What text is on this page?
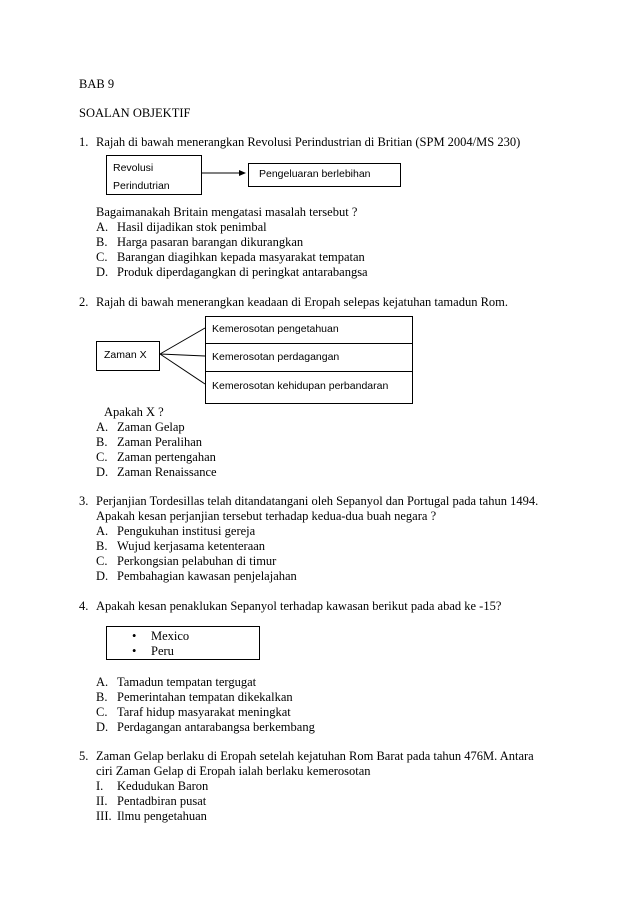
BAB 9
SOALAN OBJEKTIF
1. Rajah di bawah menerangkan Revolusi Perindustrian di Britian (SPM 2004/MS 230)
Revolusi
Perindutrian
Pengeluaran berlebihan
Bagaimanakah Britain mengatasi masalah tersebut ?
A. Hasil dijadikan stok penimbal
B. Harga pasaran barangan dikurangkan
C. Barangan diagihkan kepada masyarakat tempatan
D. Produk diperdagangkan di peringkat antarabangsa
2. Rajah di bawah menerangkan keadaan di Eropah selepas kejatuhan tamadun Rom.
Zaman X
Kemerosotan pengetahuan
Kemerosotan perdagangan
Kemerosotan kehidupan perbandaran
Apakah X ?
A. Zaman Gelap
B. Zaman Peralihan
C. Zaman pertengahan
D. Zaman Renaissance
3. Perjanjian Tordesillas telah ditandatangani oleh Sepanyol dan Portugal pada tahun 1494.
Apakah kesan perjanjian tersebut terhadap kedua-dua buah negara ?
A. Pengukuhan institusi gereja
B. Wujud kerjasama ketenteraan
C. Perkongsian pelabuhan di timur
D. Pembahagian kawasan penjelajahan
4. Apakah kesan penaklukan Sepanyol terhadap kawasan berikut pada abad ke -15?
• Mexico
• Peru
A. Tamadun tempatan tergugat
B. Pemerintahan tempatan dikekalkan
C. Taraf hidup masyarakat meningkat
D. Perdagangan antarabangsa berkembang
5. Zaman Gelap berlaku di Eropah setelah kejatuhan Rom Barat pada tahun 476M. Antara
ciri Zaman Gelap di Eropah ialah berlaku kemerosotan
I. Kedudukan Baron
II. Pentadbiran pusat
III. Ilmu pengetahuan
